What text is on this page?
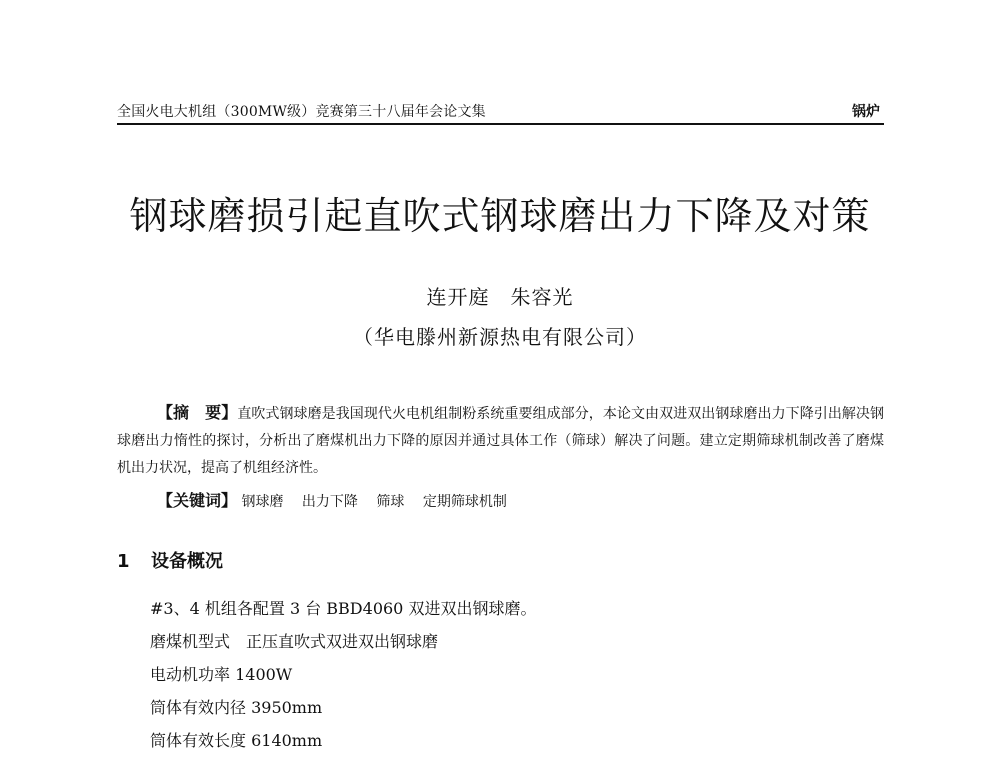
全国火电大机组（300MW级）竞赛第三十八届年会论文集	锅炉
钢球磨损引起直吹式钢球磨出力下降及对策
连开庭　朱容光
（华电滕州新源热电有限公司）
【摘　要】直吹式钢球磨是我国现代火电机组制粉系统重要组成部分，本论文由双进双出钢球磨出力下降引出解决钢球磨出力惰性的探讨，分析出了磨煤机出力下降的原因并通过具体工作（筛球）解决了问题。建立定期筛球机制改善了磨煤机出力状况，提高了机组经济性。
【关键词】 钢球磨 出力下降 筛球 定期筛球机制
1 设备概况
#3、4 机组各配置 3 台 BBD4060 双进双出钢球磨。
磨煤机型式　正压直吹式双进双出钢球磨
电动机功率 1400W
筒体有效内径 3950mm
筒体有效长度 6140mm
